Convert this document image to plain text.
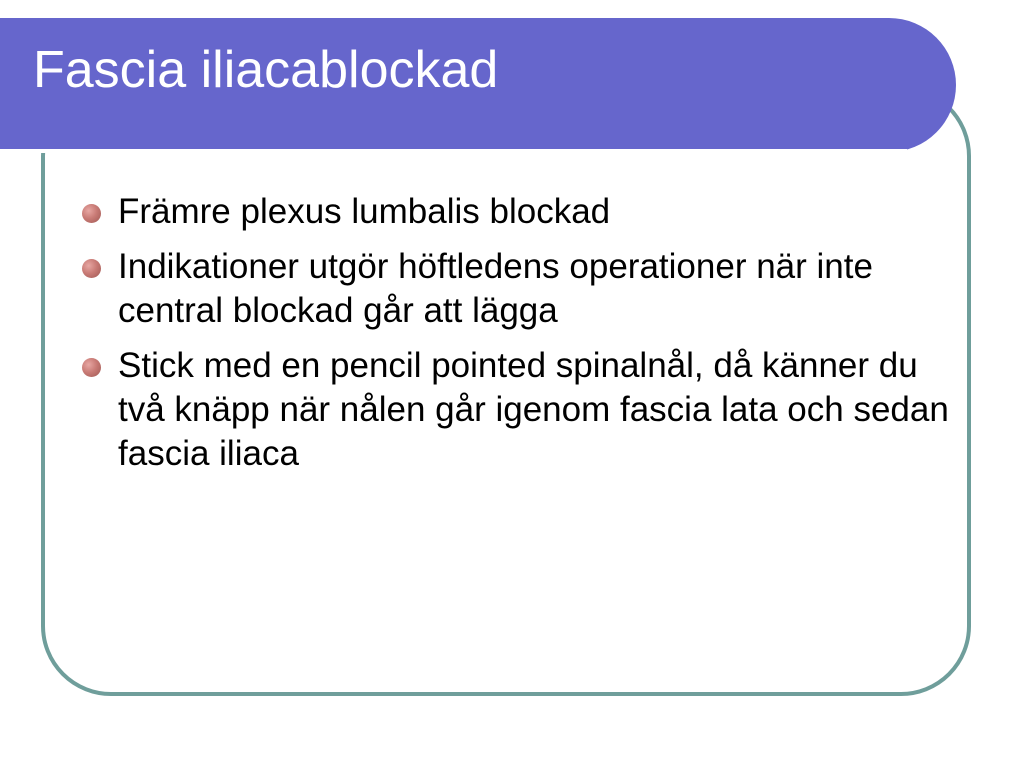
Fascia iliacablockad
Främre plexus lumbalis blockad
Indikationer utgör höftledens operationer när inte central blockad går att lägga
Stick med en pencil pointed spinalnål, då känner du två knäpp när nålen går igenom fascia lata och sedan fascia iliaca
